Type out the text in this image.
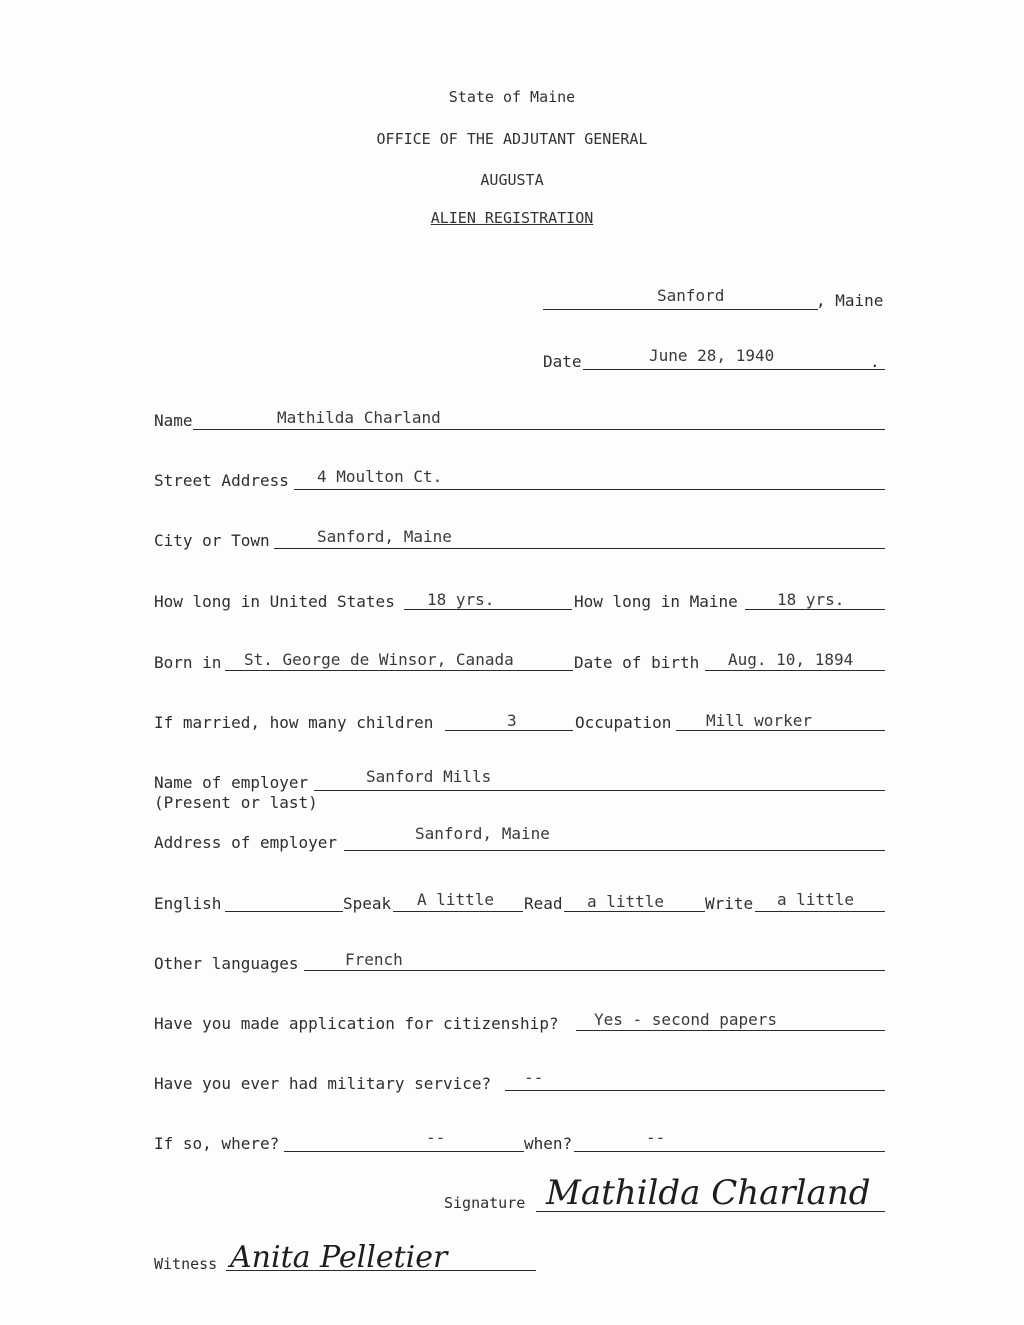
State of Maine
OFFICE OF THE ADJUTANT GENERAL
AUGUSTA
ALIEN REGISTRATION
Sanford	, Maine
Date	June 28, 1940	.
Name	Mathilda Charland
Street Address 4 Moulton Ct.
City or Town	Sanford, Maine
How long in United States 18 yrs.	How long in Maine 18 yrs.
Born in St. George de Winsor, Canada	Date of birth Aug. 10, 1894
If married, how many children	3	Occupation Mill worker
Name of employer	Sanford Mills
(Present or last)
Address of employer	Sanford, Maine
English	Speak A little Read a little	Write a little
Other languages	French
Have you made application for citizenship? Yes - second papers
Have you ever had military service? --
If so, where?	--	when?	--
Signature Mathilda Charland
Witness Anita Pelletier
